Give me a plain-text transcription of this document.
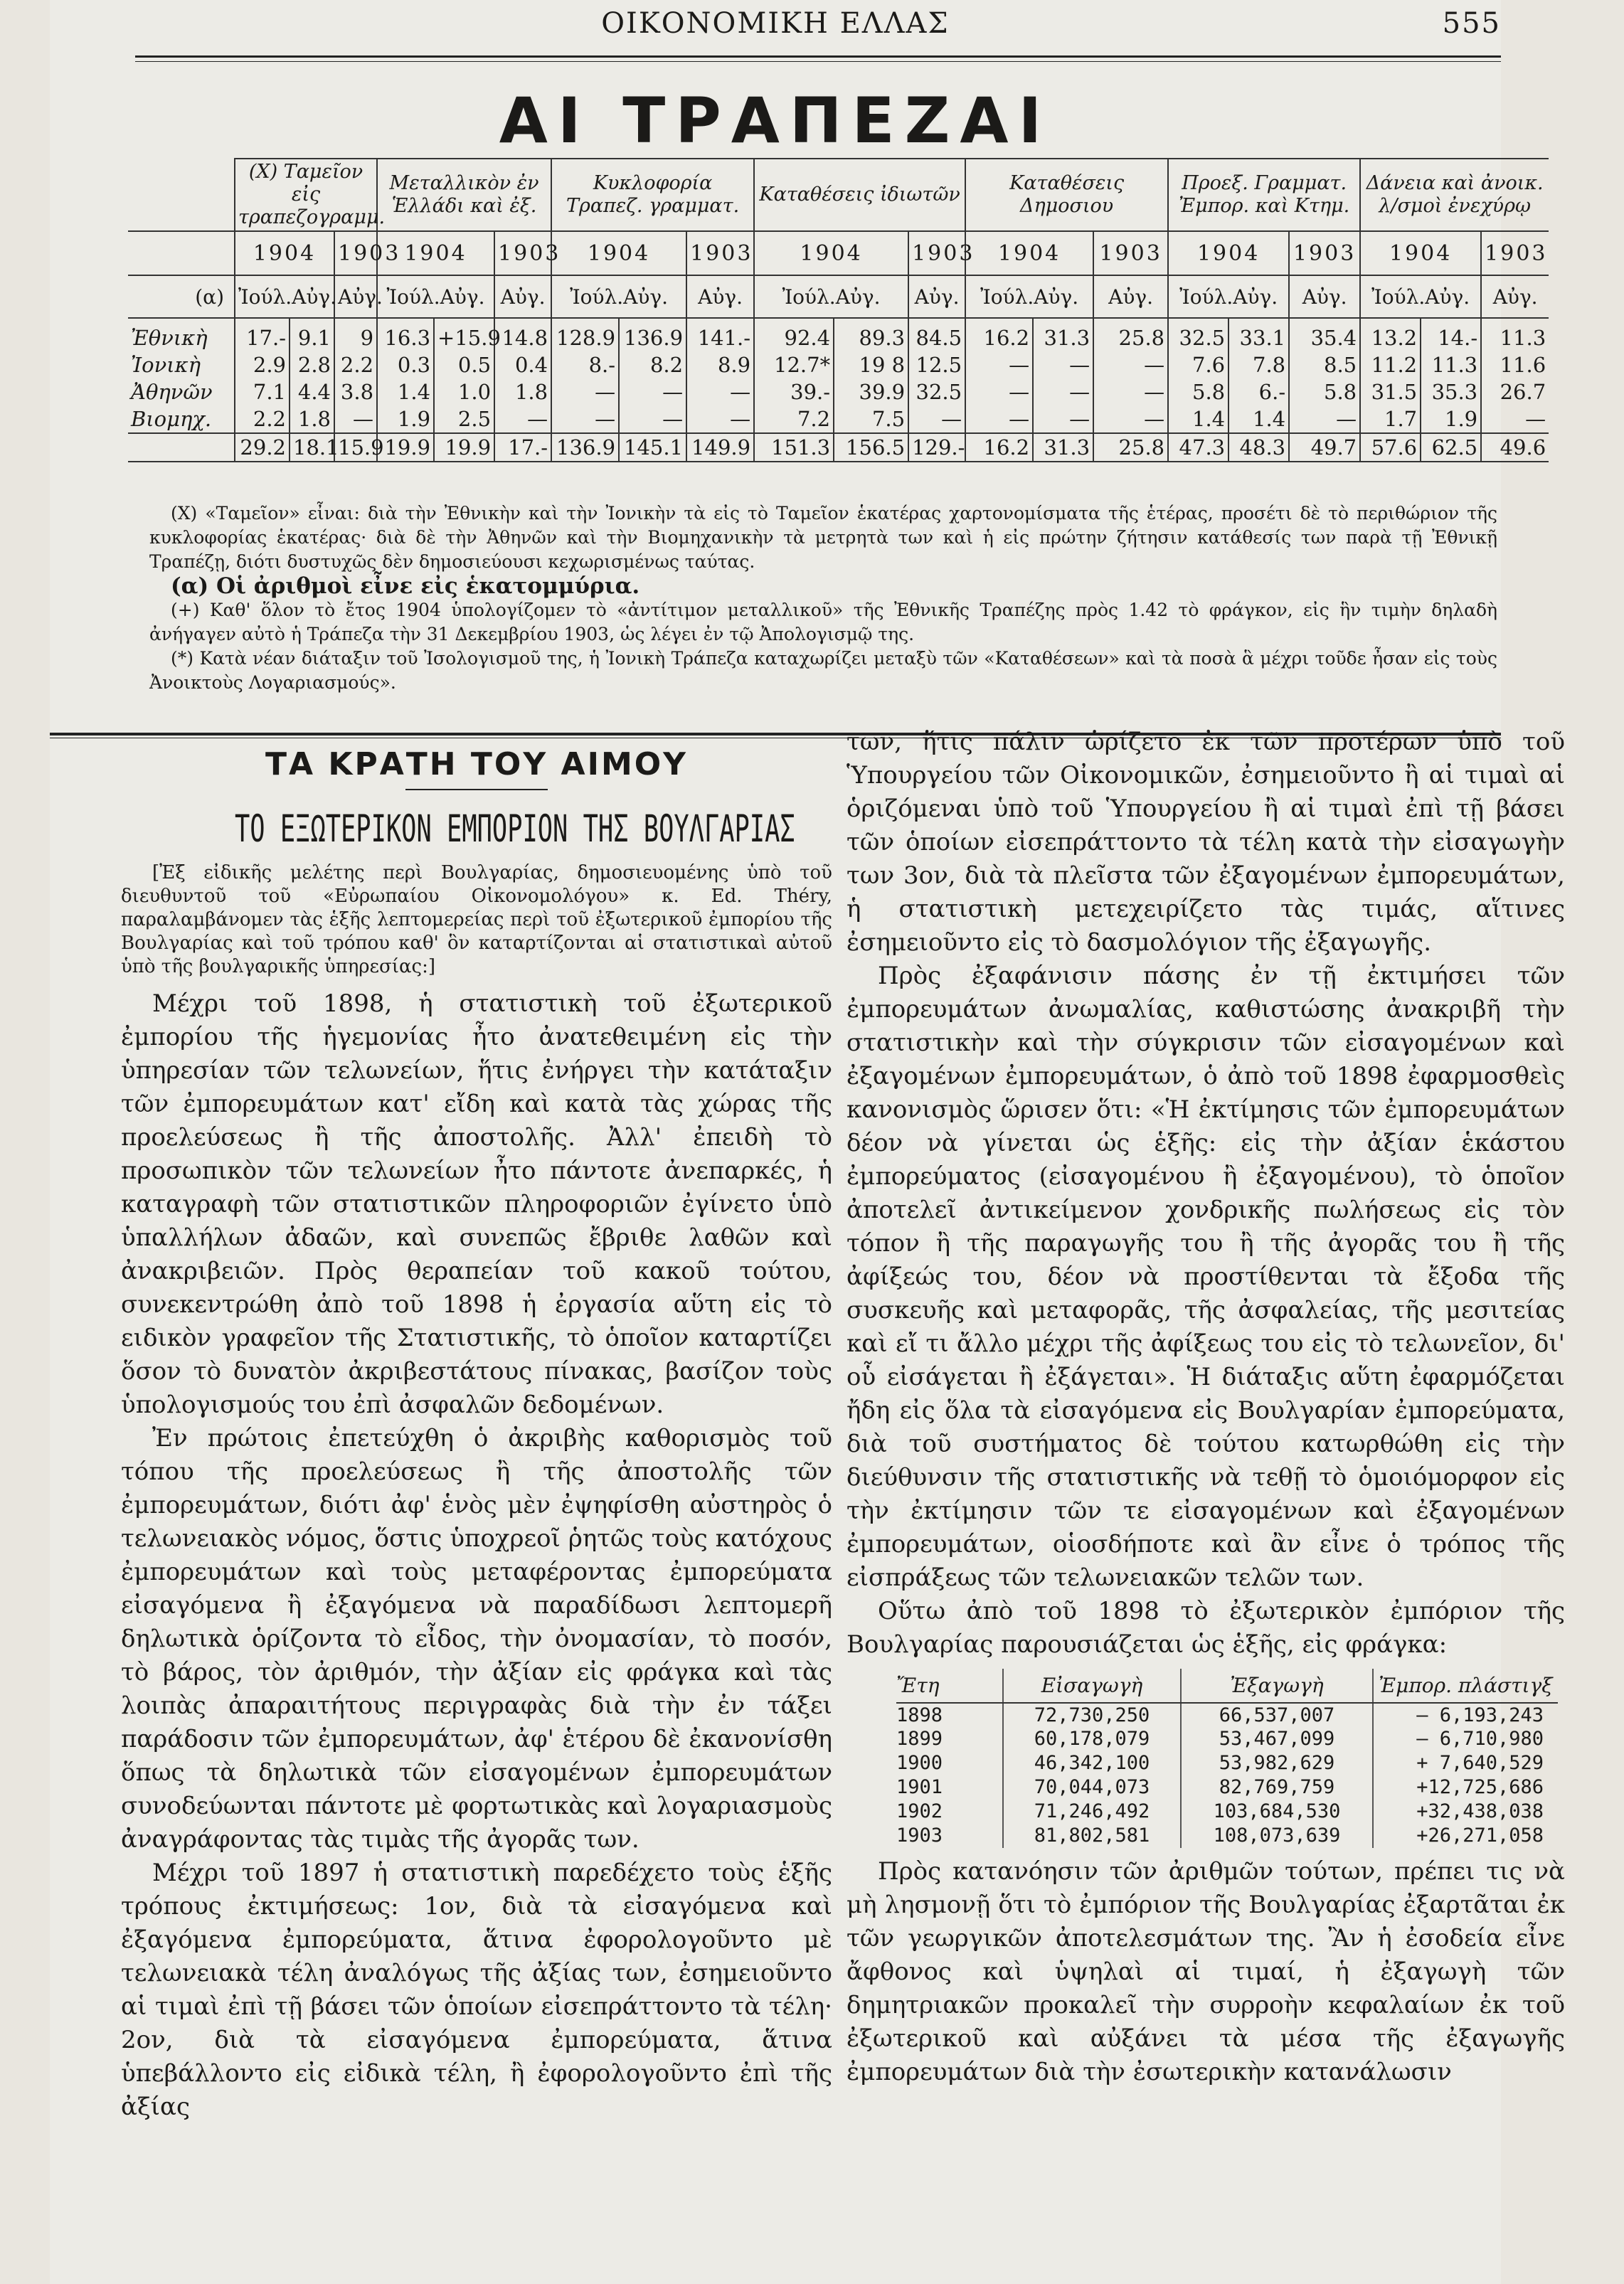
ΟΙΚΟΝΟΜΙΚΗ ΕΛΛΑΣ	555
ΑΙ ΤΡΑΠΕΖΑΙ
	(Χ) Ταμεῖον εἰς τραπεζογραμμ.			Μεταλλικὸν ἐν Ἑλλάδι καὶ ἐξ.			Κυκλοφορία Τραπεζ. γραμματ.			Καταθέσεις ἰδιωτῶν			Καταθέσεις Δημοσιου			Προεξ. Γραμματ. Ἐμπορ. καὶ Κτημ.			Δάνεια καὶ ἀνοικ. λ/σμοὶ ἐνεχύρῳ		
	1904		1903	1904		1903	1904		1903	1904		1903	1904		1903	1904		1903	1904		1903
(α)	Ἰούλ.Αὐγ.		Αὐγ.	Ἰούλ.Αὐγ.		Αὐγ.	Ἰούλ.Αὐγ.		Αὐγ.	Ἰούλ.Αὐγ.		Αὐγ.	Ἰούλ.Αὐγ.		Αὐγ.	Ἰούλ.Αὐγ.		Αὐγ.	Ἰούλ.Αὐγ.		Αὐγ.
Ἐθνικὴ	17.-	9.1	9	16.3	+15.9	14.8	128.9	136.9	141.-	92.4	89.3	84.5	16.2	31.3	25.8	32.5	33.1	35.4	13.2	14.-	11.3
Ἰονικὴ	2.9	2.8	2.2	0.3	0.5	0.4	8.-	8.2	8.9	12.7*	19 8	12.5	—	—	—	7.6	7.8	8.5	11.2	11.3	11.6
Ἀθηνῶν	7.1	4.4	3.8	1.4	1.0	1.8	—	—	—	39.-	39.9	32.5	—	—	—	5.8	6.-	5.8	31.5	35.3	26.7
Βιομηχ.	2.2	1.8	—	1.9	2.5	—	—	—	—	7.2	7.5	—	—	—	—	1.4	1.4	—	1.7	1.9	—
	29.2	18.1	15.9	19.9	19.9	17.-	136.9	145.1	149.9	151.3	156.5	129.-	16.2	31.3	25.8	47.3	48.3	49.7	57.6	62.5	49.6

(Χ) «Ταμεῖον» εἶναι: διὰ τὴν Ἐθνικὴν καὶ τὴν Ἰονικὴν τὰ εἰς τὸ Ταμεῖον ἑκατέρας χαρτονομίσματα τῆς ἑτέρας, προσέτι δὲ τὸ περιθώριον τῆς κυκλοφορίας ἑκατέρας· διὰ δὲ τὴν Ἀθηνῶν καὶ τὴν Βιομηχανικὴν τὰ μετρητὰ των καὶ ἡ εἰς πρώτην ζήτησιν κατάθεσίς των παρὰ τῇ Ἐθνικῇ Τραπέζῃ, διότι δυστυχῶς δὲν δημοσιεύουσι κεχωρισμένως ταύτας.

(α) Οἱ ἀριθμοὶ εἶνε εἰς ἑκατομμύρια.

(+) Καθ' ὅλον τὸ ἔτος 1904 ὑπολογίζομεν τὸ «ἀντίτιμον μεταλλικοῦ» τῆς Ἐθνικῆς Τραπέζης πρὸς 1.42 τὸ φράγκον, εἰς ἣν τιμὴν δηλαδὴ ἀνήγαγεν αὐτὸ ἡ Τράπεζα τὴν 31 Δεκεμβρίου 1903, ὡς λέγει ἐν τῷ Ἀπολογισμῷ της.

(*) Κατὰ νέαν διάταξιν τοῦ Ἰσολογισμοῦ της, ἡ Ἰονικὴ Τράπεζα καταχωρίζει μεταξὺ τῶν «Καταθέσεων» καὶ τὰ ποσὰ ἃ μέχρι τοῦδε ἦσαν εἰς τοὺς Ἀνοικτοὺς Λογαριασμούς».

ΤΑ ΚΡΑΤΗ ΤΟΥ ΑΙΜΟΥ
ΤΟ ΕΞΩΤΕΡΙΚΟΝ ΕΜΠΟΡΙΟΝ ΤΗΣ ΒΟΥΛΓΑΡΙΑΣ

[Ἐξ εἰδικῆς μελέτης περὶ Βουλγαρίας, δημοσιευομένης ὑπὸ τοῦ διευθυντοῦ τοῦ «Εὐρωπαίου Οἰκονομολόγου» κ. Ed. Théry, παραλαμβάνομεν τὰς ἑξῆς λεπτομερείας περὶ τοῦ ἐξωτερικοῦ ἐμπορίου τῆς Βουλγαρίας καὶ τοῦ τρόπου καθ' ὃν καταρτίζονται αἱ στατιστικαὶ αὐτοῦ ὑπὸ τῆς βουλγαρικῆς ὑπηρεσίας:]

Μέχρι τοῦ 1898, ἡ στατιστικὴ τοῦ ἐξωτερικοῦ ἐμπορίου τῆς ἡγεμονίας ἦτο ἀνατεθειμένη εἰς τὴν ὑπηρεσίαν τῶν τελωνείων, ἥτις ἐνήργει τὴν κατάταξιν τῶν ἐμπορευμάτων κατ' εἴδη καὶ κατὰ τὰς χώρας τῆς προελεύσεως ἢ τῆς ἀποστολῆς. Ἀλλ' ἐπειδὴ τὸ προσωπικὸν τῶν τελωνείων ἦτο πάντοτε ἀνεπαρκές, ἡ καταγραφὴ τῶν στατιστικῶν πληροφοριῶν ἐγίνετο ὑπὸ ὑπαλλήλων ἀδαῶν, καὶ συνεπῶς ἔβριθε λαθῶν καὶ ἀνακριβειῶν. Πρὸς θεραπείαν τοῦ κακοῦ τούτου, συνεκεντρώθη ἀπὸ τοῦ 1898 ἡ ἐργασία αὕτη εἰς τὸ ειδικὸν γραφεῖον τῆς Στατιστικῆς, τὸ ὁποῖον καταρτίζει ὅσον τὸ δυνατὸν ἀκριβεστάτους πίνακας, βασίζον τοὺς ὑπολογισμούς του ἐπὶ ἀσφαλῶν δεδομένων.

Ἐν πρώτοις ἐπετεύχθη ὁ ἀκριβὴς καθορισμὸς τοῦ τόπου τῆς προελεύσεως ἢ τῆς ἀποστολῆς τῶν ἐμπορευμάτων, διότι ἀφ' ἑνὸς μὲν ἐψηφίσθη αὐστηρὸς ὁ τελωνειακὸς νόμος, ὅστις ὑποχρεοῖ ῥητῶς τοὺς κατόχους ἐμπορευμάτων καὶ τοὺς μεταφέροντας ἐμπορεύματα εἰσαγόμενα ἢ ἐξαγόμενα νὰ παραδίδωσι λεπτομερῆ δηλωτικὰ ὁρίζοντα τὸ εἶδος, τὴν ὀνομασίαν, τὸ ποσόν, τὸ βάρος, τὸν ἀριθμόν, τὴν ἀξίαν εἰς φράγκα καὶ τὰς λοιπὰς ἀπαραιτήτους περιγραφὰς διὰ τὴν ἐν τάξει παράδοσιν τῶν ἐμπορευμάτων, ἀφ' ἑτέρου δὲ ἐκανονίσθη ὅπως τὰ δηλωτικὰ τῶν εἰσαγομένων ἐμπορευμάτων συνοδεύωνται πάντοτε μὲ φορτωτικὰς καὶ λογαριασμοὺς ἀναγράφοντας τὰς τιμὰς τῆς ἀγορᾶς των.

Μέχρι τοῦ 1897 ἡ στατιστικὴ παρεδέχετο τοὺς ἑξῆς τρόπους ἐκτιμήσεως: 1ον, διὰ τὰ εἰσαγόμενα καὶ ἐξαγόμενα ἐμπορεύματα, ἅτινα ἐφορολογοῦντο μὲ τελωνειακὰ τέλη ἀναλόγως τῆς ἀξίας των, ἐσημειοῦντο αἱ τιμαὶ ἐπὶ τῇ βάσει τῶν ὁποίων εἰσεπράττοντο τὰ τέλη· 2ον, διὰ τὰ εἰσαγόμενα ἐμπορεύματα, ἅτινα ὑπεβάλλοντο εἰς εἰδικὰ τέλη, ἢ ἐφορολογοῦντο ἐπὶ τῆς ἀξίας

των, ἥτις πάλιν ὡρίζετο ἐκ τῶν προτέρων ὑπὸ τοῦ Ὑπουργείου τῶν Οἰκονομικῶν, ἐσημειοῦντο ἢ αἱ τιμαὶ αἱ ὁριζόμεναι ὑπὸ τοῦ Ὑπουργείου ἢ αἱ τιμαὶ ἐπὶ τῇ βάσει τῶν ὁποίων εἰσεπράττοντο τὰ τέλη κατὰ τὴν εἰσαγωγὴν των 3ον, διὰ τὰ πλεῖστα τῶν ἐξαγομένων ἐμπορευμάτων, ἡ στατιστικὴ μετεχειρίζετο τὰς τιμάς, αἵτινες ἐσημειοῦντο εἰς τὸ δασμολόγιον τῆς ἐξαγωγῆς.

Πρὸς ἐξαφάνισιν πάσης ἐν τῇ ἐκτιμήσει τῶν ἐμπορευμάτων ἀνωμαλίας, καθιστώσης ἀνακριβῆ τὴν στατιστικὴν καὶ τὴν σύγκρισιν τῶν εἰσαγομένων καὶ ἐξαγομένων ἐμπορευμάτων, ὁ ἀπὸ τοῦ 1898 ἐφαρμοσθεὶς κανονισμὸς ὥρισεν ὅτι: «Ἡ ἐκτίμησις τῶν ἐμπορευμάτων δέον νὰ γίνεται ὡς ἑξῆς: εἰς τὴν ἀξίαν ἑκάστου ἐμπορεύματος (εἰσαγομένου ἢ ἐξαγομένου), τὸ ὁποῖον ἀποτελεῖ ἀντικείμενον χονδρικῆς πωλήσεως εἰς τὸν τόπον ἢ τῆς παραγωγῆς του ἢ τῆς ἀγορᾶς του ἢ τῆς ἀφίξεώς του, δέον νὰ προστίθενται τὰ ἔξοδα τῆς συσκευῆς καὶ μεταφορᾶς, τῆς ἀσφαλείας, τῆς μεσιτείας καὶ εἴ τι ἄλλο μέχρι τῆς ἀφίξεως του εἰς τὸ τελωνεῖον, δι' οὗ εἰσάγεται ἢ ἐξάγεται». Ἡ διάταξις αὕτη ἐφαρμόζεται ἤδη εἰς ὅλα τὰ εἰσαγόμενα εἰς Βουλγαρίαν ἐμπορεύματα, διὰ τοῦ συστήματος δὲ τούτου κατωρθώθη εἰς τὴν διεύθυνσιν τῆς στατιστικῆς νὰ τεθῇ τὸ ὁμοιόμορφον εἰς τὴν ἐκτίμησιν τῶν τε εἰσαγομένων καὶ ἐξαγομένων ἐμπορευμάτων, οἱοσδήποτε καὶ ἂν εἶνε ὁ τρόπος τῆς εἰσπράξεως τῶν τελωνειακῶν τελῶν των.

Οὕτω ἀπὸ τοῦ 1898 τὸ ἐξωτερικὸν ἐμπόριον τῆς Βουλγαρίας παρουσιάζεται ὡς ἑξῆς, εἰς φράγκα:

Ἔτη	Εἰσαγωγὴ	Ἐξαγωγὴ	Ἐμπορ. πλάστιγξ
1898	72,730,250	66,537,007	— 6,193,243
1899	60,178,079	53,467,099	— 6,710,980
1900	46,342,100	53,982,629	+ 7,640,529
1901	70,044,073	82,769,759	+12,725,686
1902	71,246,492	103,684,530	+32,438,038
1903	81,802,581	108,073,639	+26,271,058

Πρὸς κατανόησιν τῶν ἀριθμῶν τούτων, πρέπει τις νὰ μὴ λησμονῇ ὅτι τὸ ἐμπόριον τῆς Βουλγαρίας ἐξαρτᾶται ἐκ τῶν γεωργικῶν ἀποτελεσμάτων της. Ἂν ἡ ἐσοδεία εἶνε ἄφθονος καὶ ὑψηλαὶ αἱ τιμαί, ἡ ἐξαγωγὴ τῶν δημητριακῶν προκαλεῖ τὴν συρροὴν κεφαλαίων ἐκ τοῦ ἐξωτερικοῦ καὶ αὐξάνει τὰ μέσα τῆς ἐξαγωγῆς ἐμπορευμάτων διὰ τὴν ἐσωτερικὴν κατανάλωσιν
